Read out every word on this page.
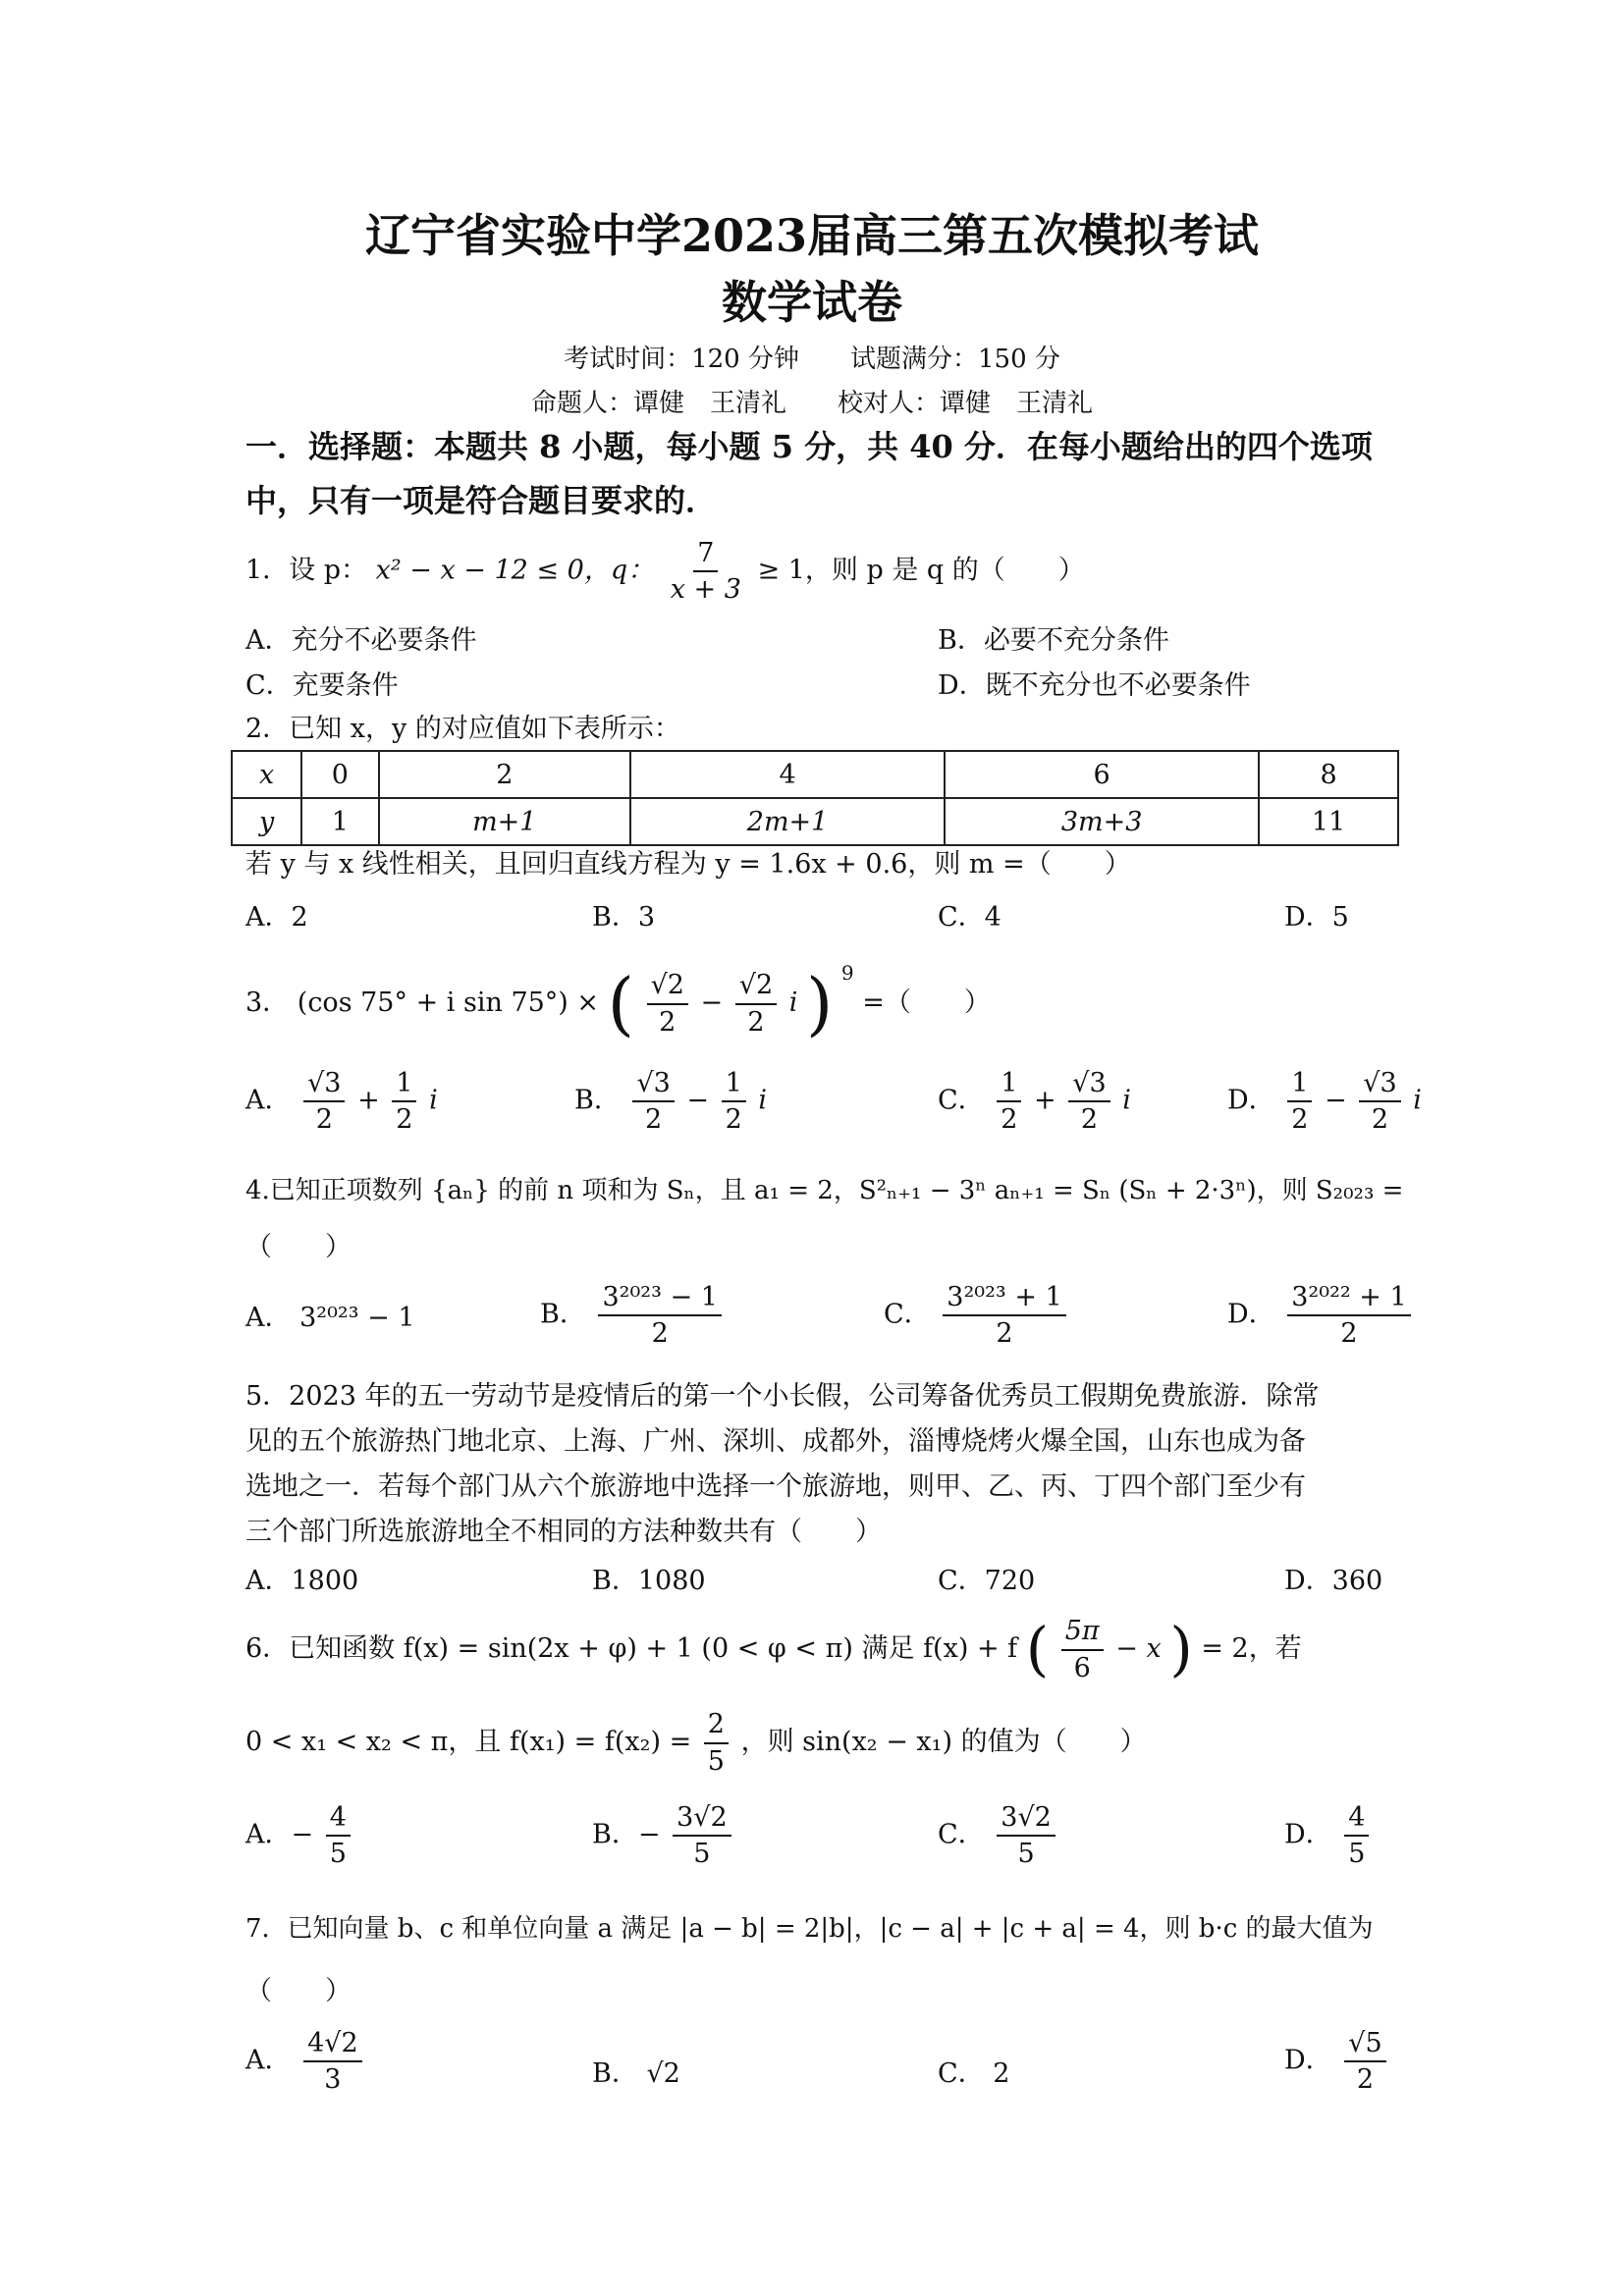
辽宁省实验中学2023届高三第五次模拟考试
数学试卷
考试时间：120 分钟　　试题满分：150 分
命题人：谭健　王清礼　　校对人：谭健　王清礼
一．选择题：本题共 8 小题，每小题 5 分，共 40 分．在每小题给出的四个选项中，只有一项是符合题目要求的．
1．设 p： x² − x − 12 ≤ 0，q： $\frac{7}{x + 3} \ge 1$，则 p 是 q 的（　　）
A．充分不必要条件	B．必要不充分条件
C．充要条件	D．既不充分也不必要条件
2．已知 x，y 的对应值如下表所示：
x	0	2	4	6	8
y	1	m+1	2m+1	3m+3	11
若 y 与 x 线性相关，且回归直线方程为 y = 1.6x + 0.6，则 m =（　　）
A．2	B．3	C．4	D．5
3． (cos 75° + i sin 75°) × ( $\frac{√2}{2} - \frac{√2}{2}$ i ) $^9$ =（　　）
A． $\frac{√3}{2} + \frac{1}{2}$ i	B． $\frac{√3}{2} - \frac{1}{2}$ i	C． $\frac{1}{2} + \frac{√3}{2}$ i	D． $\frac{1}{2} - \frac{√3}{2}$ i
4.已知正项数列 {aₙ} 的前 n 项和为 Sₙ，且 a₁ = 2，S²ₙ₊₁ − 3ⁿ aₙ₊₁ = Sₙ (Sₙ + 2·3ⁿ)，则 S₂₀₂₃ =
（　　）
A． 3²⁰²³ − 1	B． $\frac{\text{3²⁰²³ − 1}}{2}$	C． $\frac{\text{3²⁰²³ + 1}}{2}$	D． $\frac{\text{3²⁰²² + 1}}{2}$
5．2023 年的五一劳动节是疫情后的第一个小长假，公司筹备优秀员工假期免费旅游．除常
见的五个旅游热门地北京、上海、广州、深圳、成都外，淄博烧烤火爆全国，山东也成为备
选地之一．若每个部门从六个旅游地中选择一个旅游地，则甲、乙、丙、丁四个部门至少有
三个部门所选旅游地全不相同的方法种数共有（　　）
A．1800	B．1080	C．720	D．360
6．已知函数 f(x) = sin(2x + φ) + 1 (0 < φ < π) 满足 f(x) + f ( $\frac{5\pi}{6} - x$ ) = 2，若
0 < x₁ < x₂ < π，且 $f(x_1) = f(x_2) = \frac{2}{5}$ ，则 sin(x₂ − x₁) 的值为（　　）
A．− $\frac{4}{5}$	B．− $\frac{3√2}{5}$	C． $\frac{3√2}{5}$	D． $\frac{4}{5}$
7．已知向量 b、c 和单位向量 a 满足 |a − b| = 2|b|，|c − a| + |c + a| = 4，则 b·c 的最大值为
（　　）
A． $\frac{4√2}{3}$	B． √2	C． 2	D． $\frac{√5}{2}$
